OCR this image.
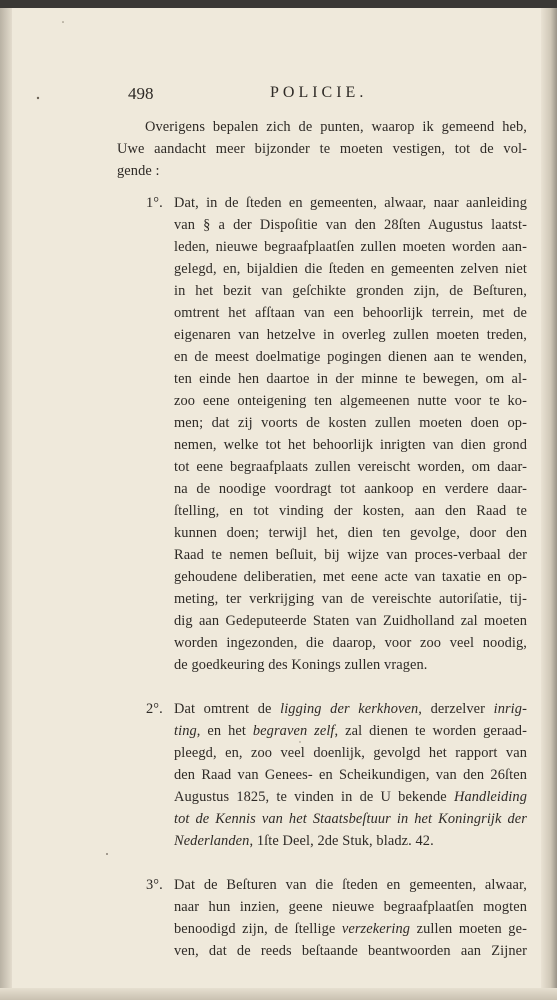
498	POLICIE.

Overigens bepalen zich de punten, waarop ik gemeend heb,
Uwe aandacht meer bijzonder te moeten vestigen, tot de vol-
gende :

1°. Dat, in de ſteden en gemeenten, alwaar, naar aanleiding
van § a der Dispoſitie van den 28ſten Augustus laatst-
leden, nieuwe begraafplaatſen zullen moeten worden aan-
gelegd, en, bijaldien die ſteden en gemeenten zelven niet
in het bezit van geſchikte gronden zijn, de Beſturen,
omtrent het afſtaan van een behoorlijk terrein, met de
eigenaren van hetzelve in overleg zullen moeten treden,
en de meest doelmatige pogingen dienen aan te wenden,
ten einde hen daartoe in der minne te bewegen, om al-
zoo eene onteigening ten algemeenen nutte voor te ko-
men; dat zij voorts de kosten zullen moeten doen op-
nemen, welke tot het behoorlijk inrigten van dien grond
tot eene begraafplaats zullen vereischt worden, om daar-
na de noodige voordragt tot aankoop en verdere daar-
ſtelling, en tot vinding der kosten, aan den Raad te
kunnen doen; terwijl het, dien ten gevolge, door den
Raad te nemen beſluit, bij wijze van proces-verbaal der
gehoudene deliberatien, met eene acte van taxatie en op-
meting, ter verkrijging van de vereischte autoriſatie, tij-
dig aan Gedeputeerde Staten van Zuidholland zal moeten
worden ingezonden, die daarop, voor zoo veel noodig,
de goedkeuring des Konings zullen vragen.
2°. Dat omtrent de ligging der kerkhoven, derzelver inrig-
ting, en het begraven zelf, zal dienen te worden geraad-
pleegd, en, zoo veel doenlijk, gevolgd het rapport van
den Raad van Genees- en Scheikundigen, van den 26ſten
Augustus 1825, te vinden in de U bekende Handleiding
tot de Kennis van het Staatsbeſtuur in het Koningrijk der
Nederlanden, 1ſte Deel, 2de Stuk, bladz. 42.
3°. Dat de Beſturen van die ſteden en gemeenten, alwaar,
naar hun inzien, geene nieuwe begraafplaatſen mogten
benoodigd zijn, de ſtellige verzekering zullen moeten ge-
ven, dat de reeds beſtaande beantwoorden aan Zijner
